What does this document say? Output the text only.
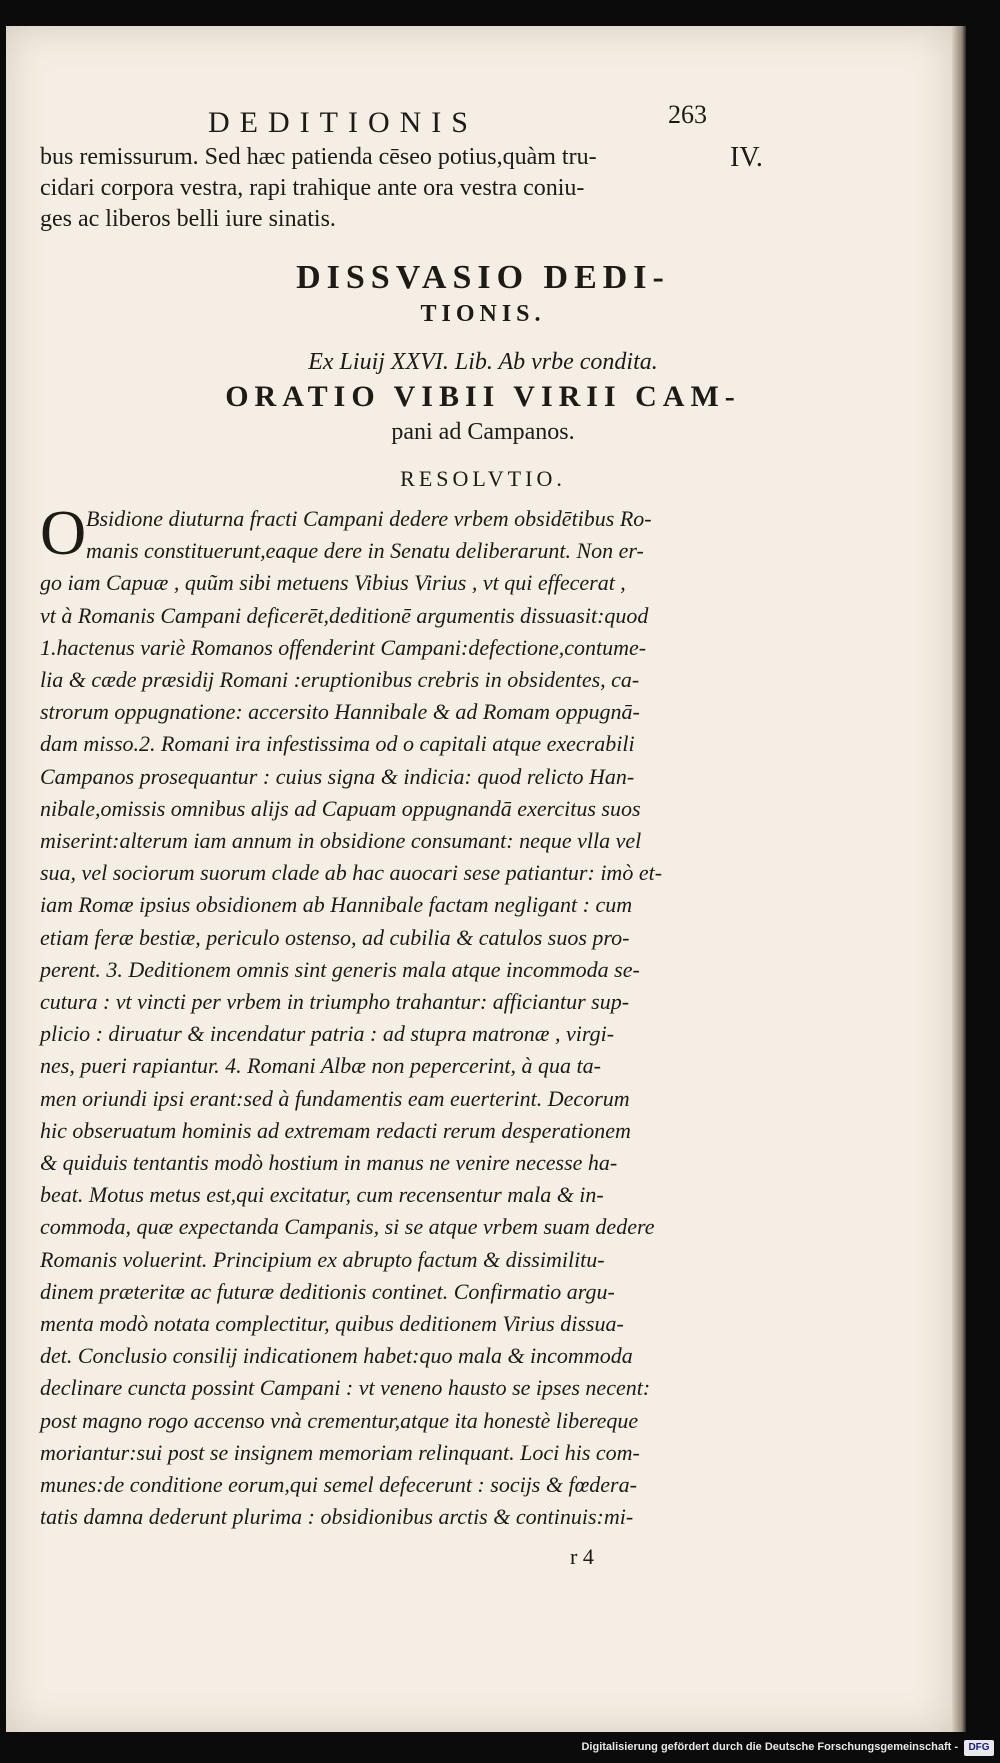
DEDITIONIS	263
IV.

bus remissurum. Sed hæc patienda cēseo potius,quàm tru-

cidari corpora vestra, rapi trahique ante ora vestra coniu-

ges ac liberos belli iure sinatis.

DISSVASIO DEDI-
TIONIS.

Ex Liuij XXVI. Lib. Ab vrbe condita.

ORATIO VIBII VIRII CAM-

pani ad Campanos.

RESOLVTIO.

O Bsidione diuturna fracti Campani dedere vrbem obsidētibus Ro-

manis constituerunt,eaque dere in Senatu deliberarunt. Non er-

go iam Capuæ , quũm sibi metuens Vibius Virius , vt qui effecerat ,

vt à Romanis Campani deficerēt,deditionē argumentis dissuasit:quod

1.hactenus variè Romanos offenderint Campani:defectione,contume-

lia & cæde præsidij Romani :eruptionibus crebris in obsidentes, ca-

strorum oppugnatione: accersito Hannibale & ad Romam oppugnā-

dam misso.2. Romani ira infestissima od o capitali atque execrabili

Campanos prosequantur : cuius signa & indicia: quod relicto Han-

nibale,omissis omnibus alijs ad Capuam oppugnandā exercitus suos

miserint:alterum iam annum in obsidione consumant: neque vlla vel

sua, vel sociorum suorum clade ab hac auocari sese patiantur: imò et-

iam Romæ ipsius obsidionem ab Hannibale factam negligant : cum

etiam feræ bestiæ, periculo ostenso, ad cubilia & catulos suos pro-

perent. 3. Deditionem omnis sint generis mala atque incommoda se-

cutura : vt vincti per vrbem in triumpho trahantur: afficiantur sup-

plicio : diruatur & incendatur patria : ad stupra matronæ , virgi-

nes, pueri rapiantur. 4. Romani Albæ non pepercerint, à qua ta-

men oriundi ipsi erant:sed à fundamentis eam euerterint. Decorum

hic obseruatum hominis ad extremam redacti rerum desperationem

& quiduis tentantis modò hostium in manus ne venire necesse ha-

beat. Motus metus est,qui excitatur, cum recensentur mala & in-

commoda, quæ expectanda Campanis, si se atque vrbem suam dedere

Romanis voluerint. Principium ex abrupto factum & dissimilitu-

dinem præteritæ ac futuræ deditionis continet. Confirmatio argu-

menta modò notata complectitur, quibus deditionem Virius dissua-

det. Conclusio consilij indicationem habet:quo mala & incommoda

declinare cuncta possint Campani : vt veneno hausto se ipses necent:

post magno rogo accenso vnà crementur,atque ita honestè libereque

moriantur:sui post se insignem memoriam relinquant. Loci his com-

munes:de conditione eorum,qui semel defecerunt : socijs & fœdera-

tatis damna dederunt plurima : obsidionibus arctis & continuis:mi-

r 4

Digitalisierung gefördert durch die Deutsche Forschungsgemeinschaft -	DFG
